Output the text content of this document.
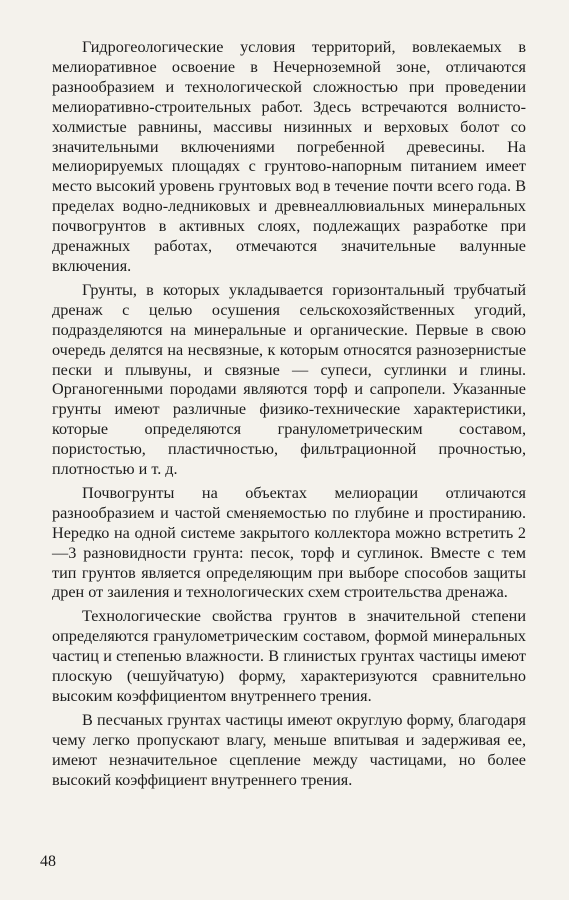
Гидрогеологические условия территорий, вовлекаемых в мелиоративное освоение в Нечерноземной зоне, отличаются разнообразием и технологической сложностью при проведении мелиоративно-строительных работ. Здесь встречаются волнисто-холмистые равнины, массивы низинных и верховых болот со значительными включениями погребенной древесины. На мелиорируемых площадях с грунтово-напорным питанием имеет место высокий уровень грунтовых вод в течение почти всего года. В пределах водно-ледниковых и древнеаллювиальных минеральных почвогрунтов в активных слоях, подлежащих разработке при дренажных работах, отмечаются значительные валунные включения.

Грунты, в которых укладывается горизонтальный трубчатый дренаж с целью осушения сельскохозяйственных угодий, подразделяются на минеральные и органические. Первые в свою очередь делятся на несвязные, к которым относятся разнозернистые пески и плывуны, и связные — супеси, суглинки и глины. Органогенными породами являются торф и сапропели. Указанные грунты имеют различные физико-технические характеристики, которые определяются гранулометрическим составом, пористостью, пластичностью, фильтрационной прочностью, плотностью и т. д.

Почвогрунты на объектах мелиорации отличаются разнообразием и частой сменяемостью по глубине и простиранию. Нередко на одной системе закрытого коллектора можно встретить 2—3 разновидности грунта: песок, торф и суглинок. Вместе с тем тип грунтов является определяющим при выборе способов защиты дрен от заиления и технологических схем строительства дренажа.

Технологические свойства грунтов в значительной степени определяются гранулометрическим составом, формой минеральных частиц и степенью влажности. В глинистых грунтах частицы имеют плоскую (чешуйчатую) форму, характеризуются сравнительно высоким коэффициентом внутреннего трения.

В песчаных грунтах частицы имеют округлую форму, благодаря чему легко пропускают влагу, меньше впитывая и задерживая ее, имеют незначительное сцепление между частицами, но более высокий коэффициент внутреннего трения.

48
